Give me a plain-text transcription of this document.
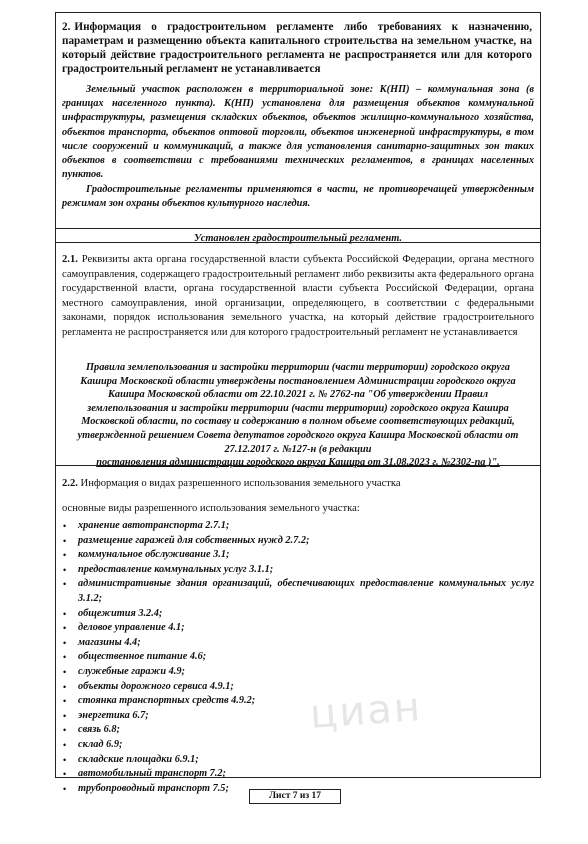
2. Информация о градостроительном регламенте либо требованиях к назначению, параметрам и размещению объекта капитального строительства на земельном участке, на который действие градостроительного регламента не распространяется или для которого градостроительный регламент не устанавливается
Земельный участок расположен в территориальной зоне: К(НП) – коммунальная зона (в границах населенного пункта). К(НП) установлена для размещения объектов коммунальной инфраструктуры, размещения складских объектов, объектов жилищно-коммунального хозяйства, объектов транспорта, объектов оптовой торговли, объектов инженерной инфраструктуры, в том числе сооружений и коммуникаций, а также для установления санитарно-защитных зон таких объектов в соответствии с требованиями технических регламентов, в границах населенных пунктов.
Градостроительные регламенты применяются в части, не противоречащей утвержденным режимам зон охраны объектов культурного наследия.
Установлен градостроительный регламент.
2.1. Реквизиты акта органа государственной власти субъекта Российской Федерации, органа местного самоуправления, содержащего градостроительный регламент либо реквизиты акта федерального органа государственной власти, органа государственной власти субъекта Российской Федерации, органа местного самоуправления, иной организации, определяющего, в соответствии с федеральными законами, порядок использования земельного участка, на который действие градостроительного регламента не распространяется или для которого градостроительный регламент не устанавливается
Правила землепользования и застройки территории (части территории) городского округа Кашира Московской области утверждены постановлением Администрации городского округа Кашира Московской области от 22.10.2021 г. № 2762-па "Об утверждении Правил землепользования и застройки территории (части территории) городского округа Кашира Московской области, по составу и содержанию в полном объеме соответствующих редакций, утвержденной решением Совета депутатов городского округа Кашира Московской области от 27.12.2017 г. №127-н (в редакции
постановления администрации городского округа Кашира от 31.08.2023 г. №2302-па )".
2.2. Информация о видах разрешенного использования земельного участка
основные виды разрешенного использования земельного участка:
• хранение автотранспорта 2.7.1;
• размещение гаражей для собственных нужд 2.7.2;
• коммунальное обслуживание 3.1;
• предоставление коммунальных услуг 3.1.1;
• административные здания организаций, обеспечивающих предоставление коммунальных услуг 3.1.2;
• общежития 3.2.4;
• деловое управление 4.1;
• магазины 4.4;
• общественное питание 4.6;
• служебные гаражи 4.9;
• объекты дорожного сервиса 4.9.1;
• стоянка транспортных средств 4.9.2;
• энергетика 6.7;
• связь 6.8;
• склад 6.9;
• складские площадки 6.9.1;
• автомобильный транспорт 7.2;
• трубопроводный транспорт 7.5;
циан
Лист 7 из 17
